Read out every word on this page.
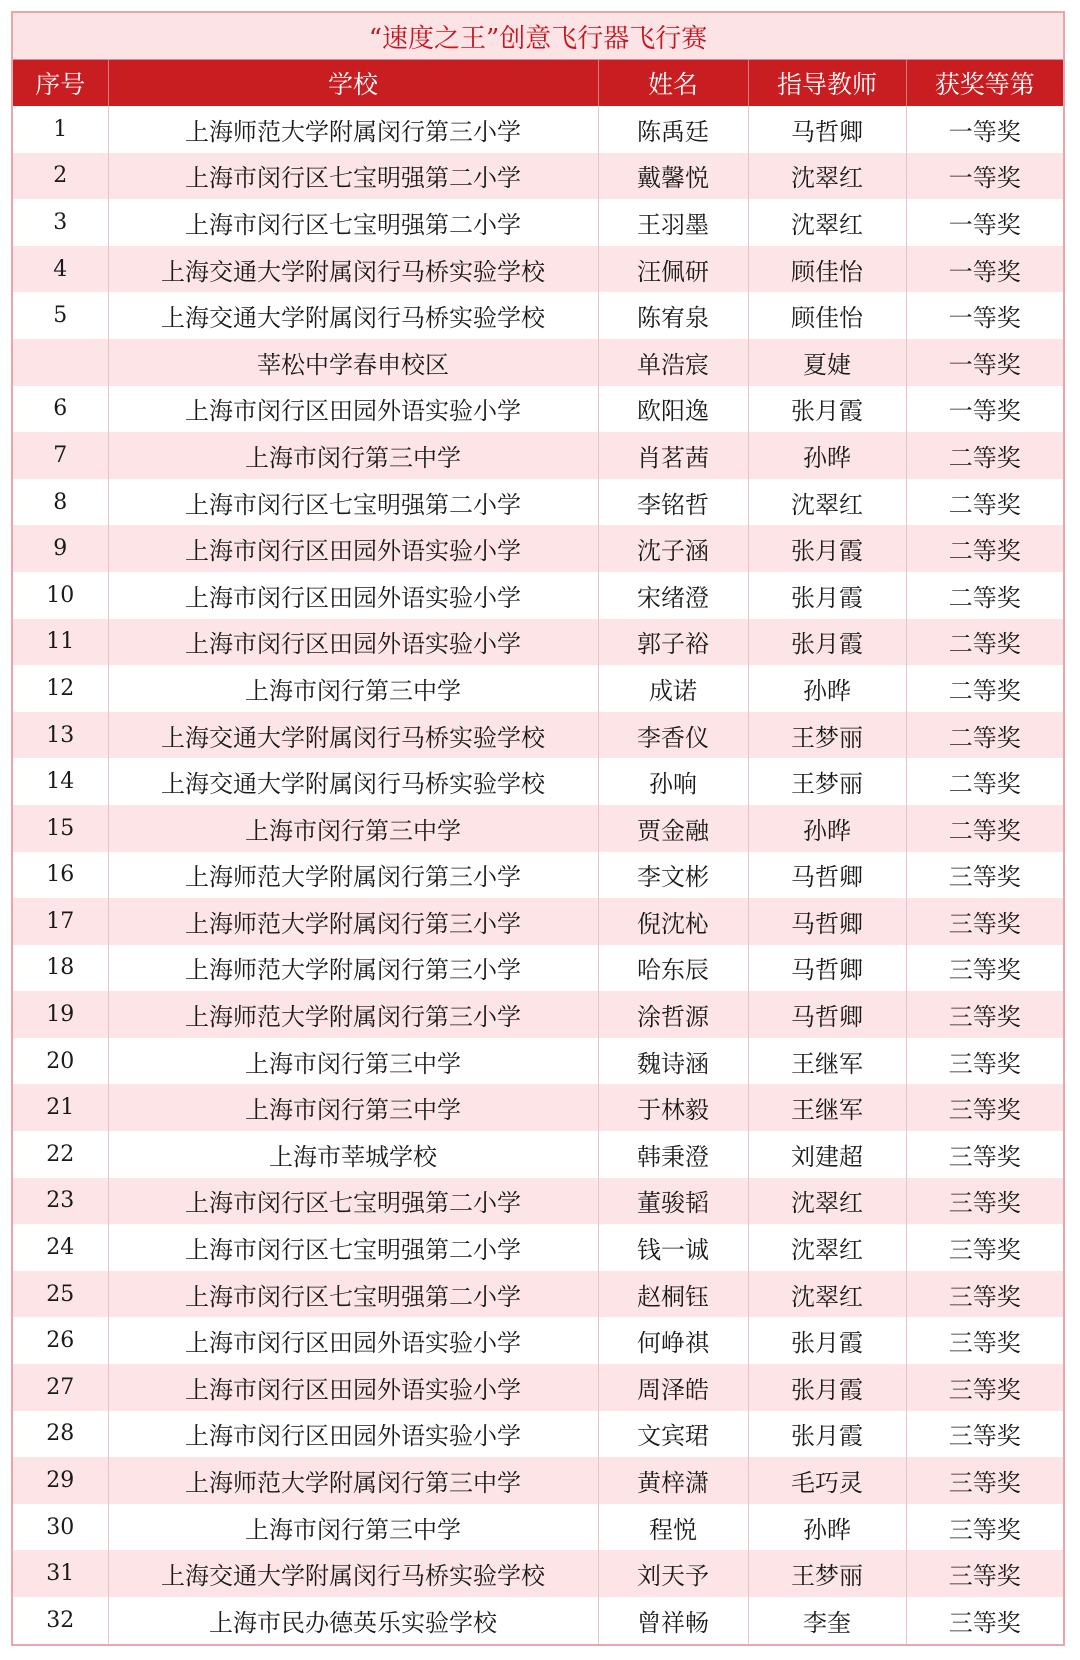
“速度之王”创意飞行器飞行赛				
序号	学校	姓名	指导教师	获奖等第
1	上海师范大学附属闵行第三小学	陈禹廷	马哲卿	一等奖
2	上海市闵行区七宝明强第二小学	戴馨悦	沈翠红	一等奖
3	上海市闵行区七宝明强第二小学	王羽墨	沈翠红	一等奖
4	上海交通大学附属闵行马桥实验学校	汪佩研	顾佳怡	一等奖
5	上海交通大学附属闵行马桥实验学校	陈宥泉	顾佳怡	一等奖
	莘松中学春申校区	单浩宸	夏婕	一等奖
6	上海市闵行区田园外语实验小学	欧阳逸	张月霞	一等奖
7	上海市闵行第三中学	肖茗茜	孙晔	二等奖
8	上海市闵行区七宝明强第二小学	李铭哲	沈翠红	二等奖
9	上海市闵行区田园外语实验小学	沈子涵	张月霞	二等奖
10	上海市闵行区田园外语实验小学	宋绪澄	张月霞	二等奖
11	上海市闵行区田园外语实验小学	郭子裕	张月霞	二等奖
12	上海市闵行第三中学	成诺	孙晔	二等奖
13	上海交通大学附属闵行马桥实验学校	李香仪	王梦丽	二等奖
14	上海交通大学附属闵行马桥实验学校	孙响	王梦丽	二等奖
15	上海市闵行第三中学	贾金融	孙晔	二等奖
16	上海师范大学附属闵行第三小学	李文彬	马哲卿	三等奖
17	上海师范大学附属闵行第三小学	倪沈杺	马哲卿	三等奖
18	上海师范大学附属闵行第三小学	哈东辰	马哲卿	三等奖
19	上海师范大学附属闵行第三小学	涂哲源	马哲卿	三等奖
20	上海市闵行第三中学	魏诗涵	王继军	三等奖
21	上海市闵行第三中学	于林毅	王继军	三等奖
22	上海市莘城学校	韩秉澄	刘建超	三等奖
23	上海市闵行区七宝明强第二小学	董骏韬	沈翠红	三等奖
24	上海市闵行区七宝明强第二小学	钱一诚	沈翠红	三等奖
25	上海市闵行区七宝明强第二小学	赵桐钰	沈翠红	三等奖
26	上海市闵行区田园外语实验小学	何峥祺	张月霞	三等奖
27	上海市闵行区田园外语实验小学	周泽皓	张月霞	三等奖
28	上海市闵行区田园外语实验小学	文宾珺	张月霞	三等奖
29	上海师范大学附属闵行第三中学	黄梓潇	毛巧灵	三等奖
30	上海市闵行第三中学	程悦	孙晔	三等奖
31	上海交通大学附属闵行马桥实验学校	刘天予	王梦丽	三等奖
32	上海市民办德英乐实验学校	曾祥畅	李奎	三等奖
